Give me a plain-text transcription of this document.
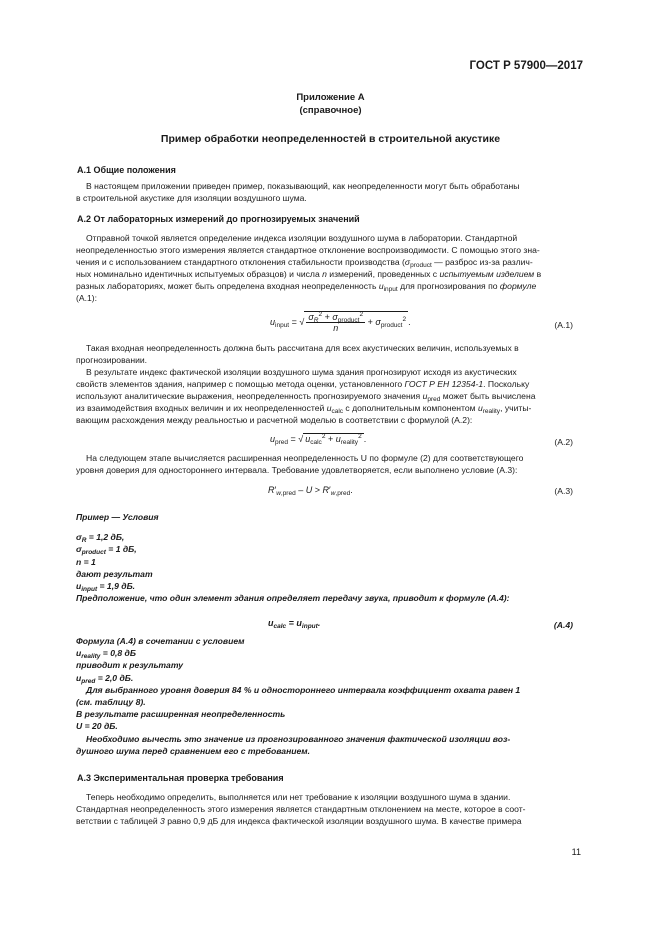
ГОСТ Р 57900—2017
Приложение А
(справочное)
Пример обработки неопределенностей в строительной акустике
А.1 Общие положения
В настоящем приложении приведен пример, показывающий, как неопределенности могут быть обработаны
в строительной акустике для изоляции воздушного шума.
А.2 От лабораторных измерений до прогнозируемых значений
Отправной точкой является определение индекса изоляции воздушного шума в лаборатории. Стандартной
неопределенностью этого измерения является стандартное отклонение воспроизводимости. С помощью этого зна-
чения и с использованием стандартного отклонения стабильности производства ($\sigma_{product}$ — разброс из-за различ-
ных номинально идентичных испытуемых образцов) и числа n измерений, проведенных с испытуемым изделием в
разных лабораториях, может быть определена входная неопределенность $u_{input}$ для прогнозирования по формуле
(А.1):
$u_{input}$ = √ $\frac{\sigma_R^2 + \sigma_{product}^2}{n} + \sigma_{product}^2$ .	(А.1)
Такая входная неопределенность должна быть рассчитана для всех акустических величин, используемых в
прогнозировании.
В результате индекс фактической изоляции воздушного шума здания прогнозируют исходя из акустических
свойств элементов здания, например с помощью метода оценки, установленного ГОСТ Р ЕН 12354-1. Поскольку
используют аналитические выражения, неопределенность прогнозируемого значения $u_{pred}$ может быть вычислена
из взаимодействия входных величин и их неопределенностей $u_{calc}$ с дополнительным компонентом $u_{reality}$, учиты-
вающим расхождения между реальностью и расчетной моделью в соответствии с формулой (А.2):
$u_{pred}$ = √ $u_{calc}^2 + u_{reality}^2$ .	(А.2)
На следующем этапе вычисляется расширенная неопределенность U по формуле (2) для соответствующего
уровня доверия для одностороннего интервала. Требование удовлетворяется, если выполнено условие (А.3):
$R'_{w,pred} - U > R'_{w,pred}$.	(А.3)
Пример — Условия
$\sigma_R = 1,2$ дБ,
$\sigma_{product} = 1$ дБ,
n = 1
дают результат
$u_{input} = 1,9$ дБ.
Предположение, что один элемент здания определяет передачу звука, приводит к формуле (А.4):
$u_{calc} = u_{input}$.	(А.4)
Формула (А.4) в сочетании с условием
$u_{reality} = 0,8$ дБ
приводит к результату
$u_{pred} = 2,0$ дБ.
Для выбранного уровня доверия 84 % и одностороннего интервала коэффициент охвата равен 1
(см. таблицу 8).
В результате расширенная неопределенность
U = 20 дБ.
Необходимо вычесть это значение из прогнозированного значения фактической изоляции воз-
душного шума перед сравнением его с требованием.
А.3 Экспериментальная проверка требования
Теперь необходимо определить, выполняется или нет требование к изоляции воздушного шума в здании.
Стандартная неопределенность этого измерения является стандартным отклонением на месте, которое в соот-
ветствии с таблицей 3 равно 0,9 дБ для индекса фактической изоляции воздушного шума. В качестве примера
11
